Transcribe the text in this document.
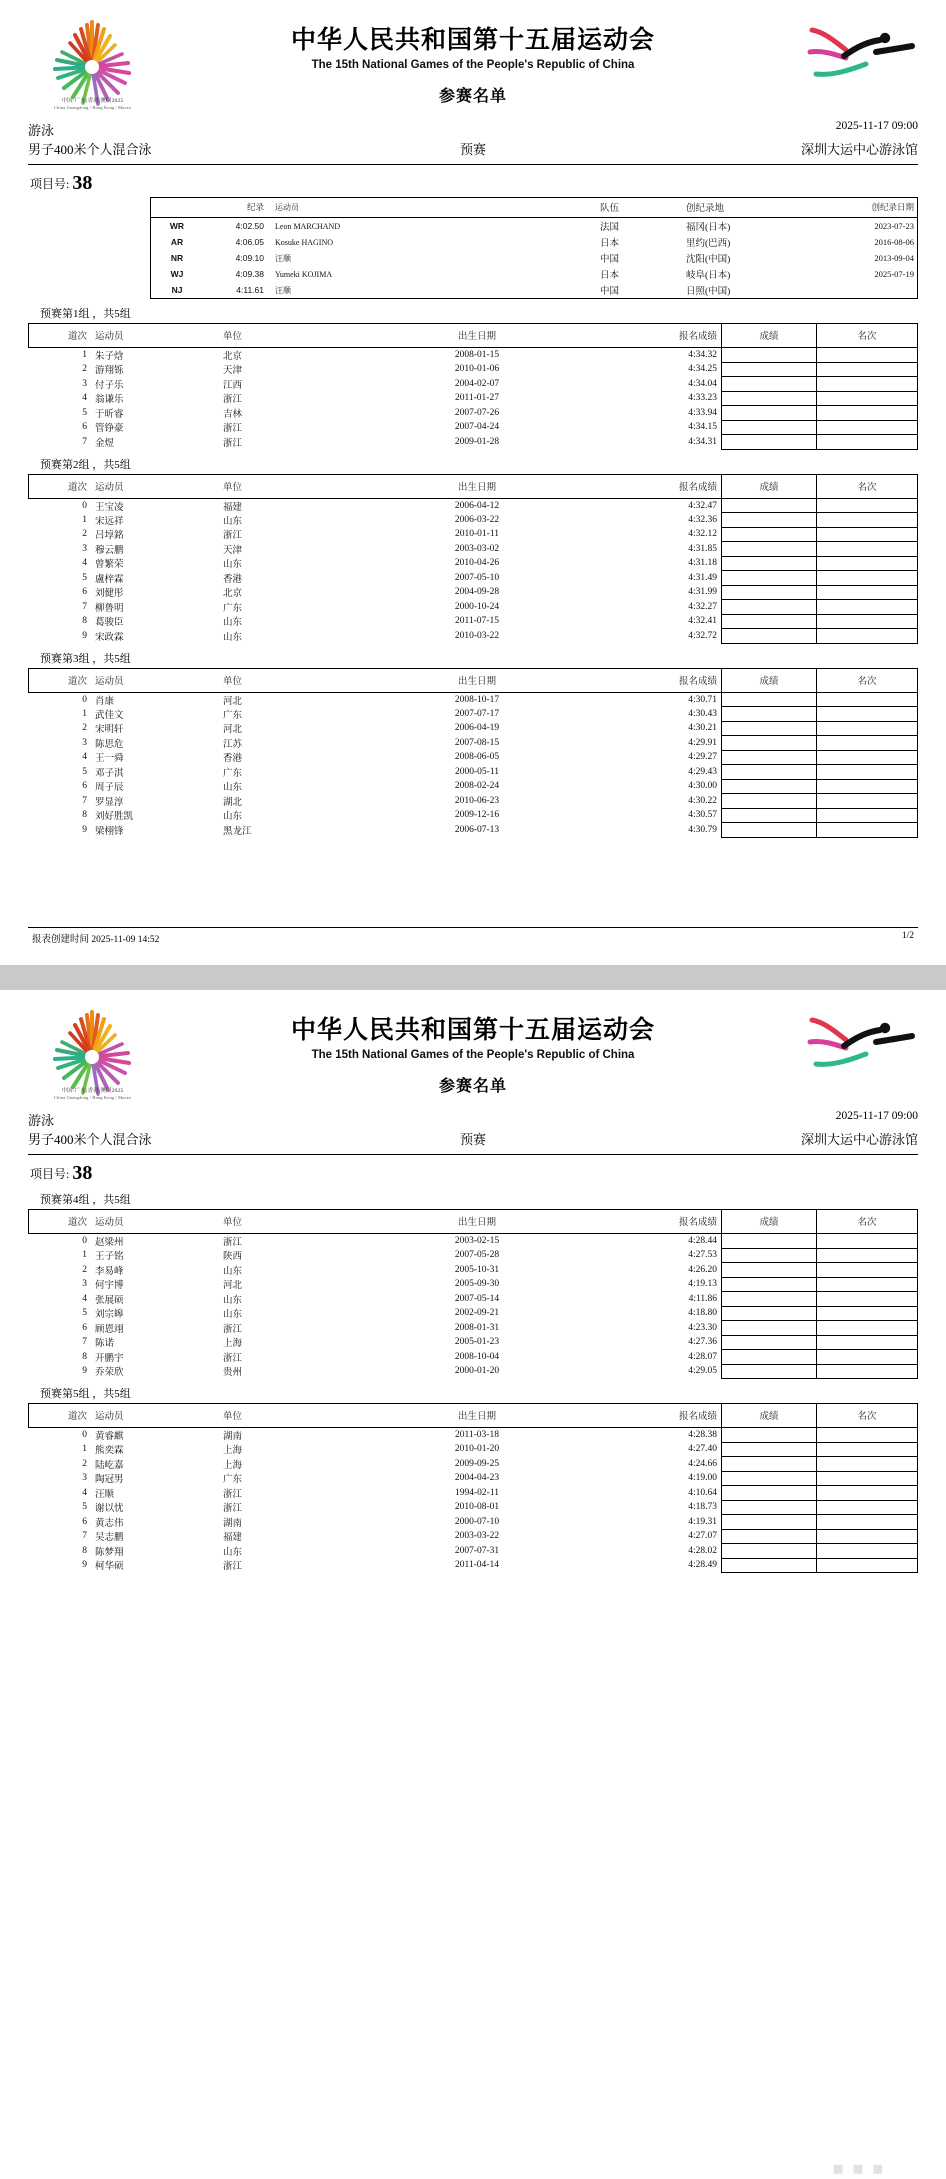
中国·广东|香港|澳门2025
China Guangdong / Hong Kong / Macao
中华人民共和国第十五届运动会
The 15th National Games of the People's Republic of China
参赛名单
游泳	2025-11-17 09:00
男子400米个人混合泳	预赛	深圳大运中心游泳馆
项目号: 38
	纪录	运动员	队伍	创纪录地	创纪录日期
WR	4:02.50	Leon MARCHAND	法国	福冈(日本)	2023-07-23
AR	4:06.05	Kosuke HAGINO	日本	里约(巴西)	2016-08-06
NR	4:09.10	汪顺	中国	沈阳(中国)	2013-09-04
WJ	4:09.38	Yumeki KOJIMA	日本	岐阜(日本)	2025-07-19
NJ	4:11.61	汪顺	中国	日照(中国)	
预赛第1组 ，共5组
道次	运动员	单位	出生日期	报名成绩	成绩	名次
1	朱子焓	北京	2008-01-15	4:34.32		
2	游翔铄	天津	2010-01-06	4:34.25		
3	付子乐	江西	2004-02-07	4:34.04		
4	翁谦乐	浙江	2011-01-27	4:33.23		
5	于昕睿	吉林	2007-07-26	4:33.94		
6	管铮豪	浙江	2007-04-24	4:34.15		
7	金煜	浙江	2009-01-28	4:34.31		
预赛第2组 ，共5组
道次	运动员	单位	出生日期	报名成绩	成绩	名次
0	王宝凌	福建	2006-04-12	4:32.47		
1	宋远祥	山东	2006-03-22	4:32.36		
2	吕埻銘	浙江	2010-01-11	4:32.12		
3	穆云鹏	天津	2003-03-02	4:31.85		
4	曾繁荣	山东	2010-04-26	4:31.18		
5	盧梓霖	香港	2007-05-10	4:31.49		
6	刘健彤	北京	2004-09-28	4:31.99		
7	柳鲁明	广东	2000-10-24	4:32.27		
8	葛骏臣	山东	2011-07-15	4:32.41		
9	宋政霖	山东	2010-03-22	4:32.72		
预赛第3组 ，共5组
道次	运动员	单位	出生日期	报名成绩	成绩	名次
0	肖康	河北	2008-10-17	4:30.71		
1	武佳文	广东	2007-07-17	4:30.43		
2	宋明轩	河北	2006-04-19	4:30.21		
3	陈思危	江苏	2007-08-15	4:29.91		
4	王一舜	香港	2008-06-05	4:29.27		
5	邓子淇	广东	2000-05-11	4:29.43		
6	周子辰	山东	2008-02-24	4:30.00		
7	罗显淳	湖北	2010-06-23	4:30.22		
8	刘好胜凯	山东	2009-12-16	4:30.57		
9	梁栩锋	黑龙江	2006-07-13	4:30.79		
报表创建时间 2025-11-09 14:52	1/2
中国·广东|香港|澳门2025
China Guangdong / Hong Kong / Macao
中华人民共和国第十五届运动会
The 15th National Games of the People's Republic of China
参赛名单
游泳	2025-11-17 09:00
男子400米个人混合泳	预赛	深圳大运中心游泳馆
项目号: 38
预赛第4组 ，共5组
道次	运动员	单位	出生日期	报名成绩	成绩	名次
0	赵梁州	浙江	2003-02-15	4:28.44		
1	王子铭	陕西	2007-05-28	4:27.53		
2	李易峰	山东	2005-10-31	4:26.20		
3	何宇博	河北	2005-09-30	4:19.13		
4	张展硕	山东	2007-05-14	4:11.86		
5	刘宗皞	山东	2002-09-21	4:18.80		
6	顾恩翊	浙江	2008-01-31	4:23.30		
7	陈诺	上海	2005-01-23	4:27.36		
8	开鹏宇	浙江	2008-10-04	4:28.07		
9	乔荣欣	贵州	2000-01-20	4:29.05		
预赛第5组 ，共5组
道次	运动员	单位	出生日期	报名成绩	成绩	名次
0	黄睿麒	湖南	2011-03-18	4:28.38		
1	熊奕霖	上海	2010-01-20	4:27.40		
2	陆屹嘉	上海	2009-09-25	4:24.66		
3	陶冠男	广东	2004-04-23	4:19.00		
4	汪顺	浙江	1994-02-11	4:10.64		
5	谢以忧	浙江	2010-08-01	4:18.73		
6	黄志伟	湖南	2000-07-10	4:19.31		
7	吴志鹏	福建	2003-03-22	4:27.07		
8	陈梦翔	山东	2007-07-31	4:28.02		
9	柯华硕	浙江	2011-04-14	4:28.49		
▩ ▩ ▩
